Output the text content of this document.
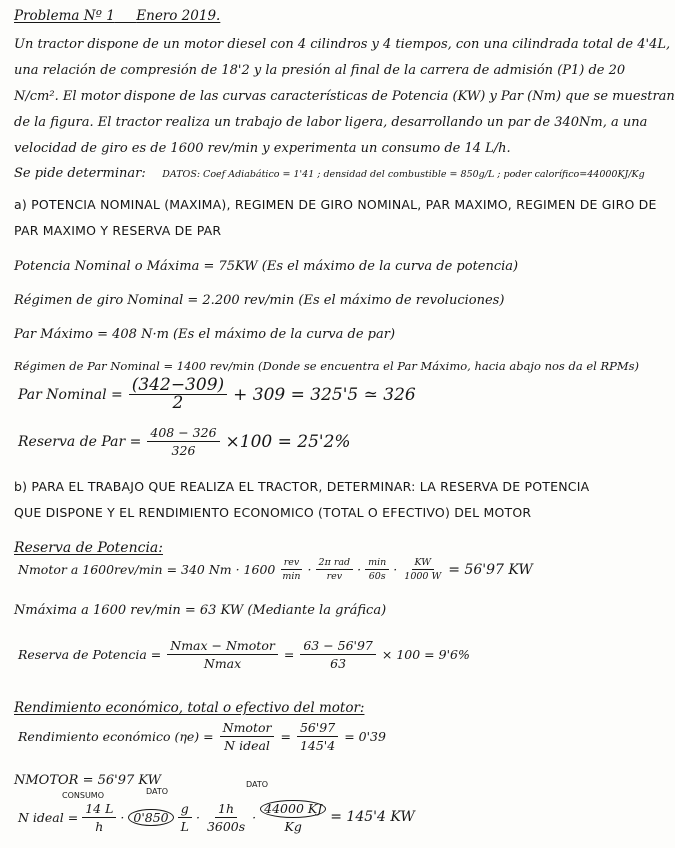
Problema Nº 1 Enero 2019.
Un tractor dispone de un motor diesel con 4 cilindros y 4 tiempos, con una cilindrada total de 4'4L,
una relación de compresión de 18'2 y la presión al final de la carrera de admisión (P1) de 20
N/cm². El motor dispone de las curvas características de Potencia (KW) y Par (Nm) que se muestran
de la figura. El tractor realiza un trabajo de labor ligera, desarrollando un par de 340Nm, a una
velocidad de giro es de 1600 rev/min y experimenta un consumo de 14 L/h.
Se pide determinar: DATOS: Coef Adiabático = 1'41 ; densidad del combustible = 850g/L ; poder calorífico=44000KJ/Kg
a) POTENCIA NOMINAL (MAXIMA), REGIMEN DE GIRO NOMINAL, PAR MAXIMO, REGIMEN DE GIRO DE
PAR MAXIMO Y RESERVA DE PAR
Potencia Nominal o Máxima = 75KW (Es el máximo de la curva de potencia)
Régimen de giro Nominal = 2.200 rev/min (Es el máximo de revoluciones)
Par Máximo = 408 N·m (Es el máximo de la curva de par)
Régimen de Par Nominal = 1400 rev/min (Donde se encuentra el Par Máximo, hacia abajo nos da el RPMs)
Par Nominal = $\frac{(342-309)}{2} + 309 = 325'5$ ≃ 326
Reserva de Par = $\frac{408 - 326}{326} \times 100 = 25'2\%$
b) PARA EL TRABAJO QUE REALIZA EL TRACTOR, DETERMINAR: LA RESERVA DE POTENCIA
QUE DISPONE Y EL RENDIMIENTO ECONOMICO (TOTAL O EFECTIVO) DEL MOTOR
Reserva de Potencia:
Nmotor a 1600rev/min = 340 $Nm \cdot 1600 \frac{\text{rev}}{\min} \cdot \frac{\text{2π rad}}{\text{rev}} \cdot \frac{\min}{60s} \cdot \frac{KW}{1000 W} = 56'97$ KW
Nmáxima a 1600 rev/min = 63 KW (Mediante la gráfica)
Reserva de Potencia = $\frac{\text{Nmax − Nmotor}}{Nmax} = \frac{63 - 56'97}{63} \times 100 = 9'6\%$
Rendimiento económico, total o efectivo del motor:
Rendimiento económico $(\eta e) = \frac{\text{Nmotor}}{\text{N ideal}} = \frac{56'97}{145'4} = 0'39$
NMOTOR = 56'97 KW
CONSUMO	DATO
DATO
N ideal = $\frac{14 L}{h} \cdot 0'850 \frac{g}{L} \cdot \frac{1h}{3600s} \cdot \frac{44000 KJ}{Kg} = 145'4$ KW
